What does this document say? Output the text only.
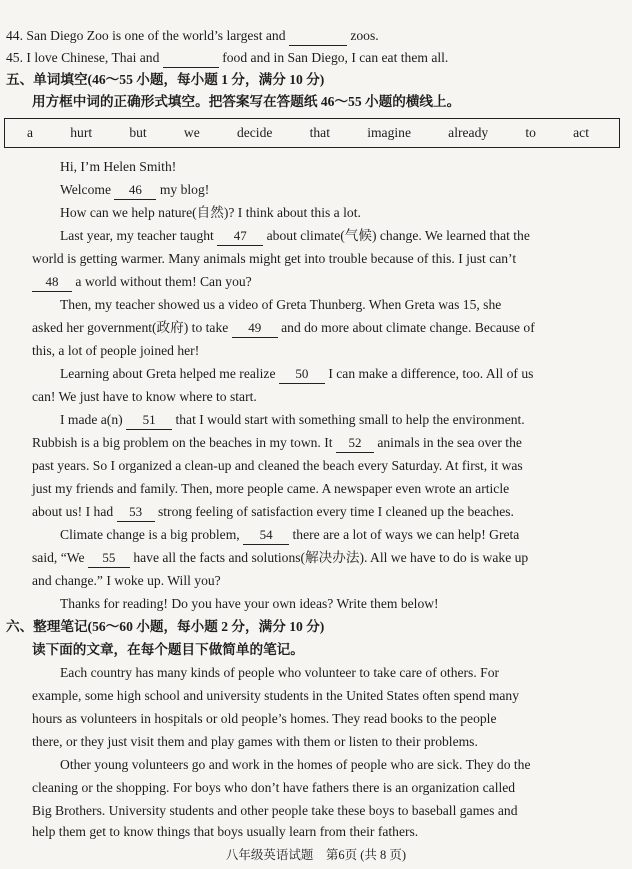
44. San Diego Zoo is one of the world’s largest and	zoos.
45. I love Chinese, Thai and	food and in San Diego, I can eat them all.
五、单词填空(46～55 小题，每小题 1 分，满分 10 分)
用方框中词的正确形式填空。把答案写在答题纸 46～55 小题的横线上。
a	hurt	but	we	decide	that	imagine	already	to	act
Hi, I’m Helen Smith!
Welcome 46 my blog!
How can we help nature(自然)? I think about this a lot.
Last year, my teacher taught 47 about climate(气候) change. We learned that the
world is getting warmer. Many animals might get into trouble because of this. I just can’t
48 a world without them! Can you?
Then, my teacher showed us a video of Greta Thunberg. When Greta was 15, she
asked her government(政府) to take 49 and do more about climate change. Because of
this, a lot of people joined her!
Learning about Greta helped me realize 50 I can make a difference, too. All of us
can! We just have to know where to start.
I made a(n) 51 that I would start with something small to help the environment.
Rubbish is a big problem on the beaches in my town. It 52 animals in the sea over the
past years. So I organized a clean-up and cleaned the beach every Saturday. At first, it was
just my friends and family. Then, more people came. A newspaper even wrote an article
about us! I had 53 strong feeling of satisfaction every time I cleaned up the beaches.
Climate change is a big problem, 54 there are a lot of ways we can help! Greta
said, “We 55 have all the facts and solutions(解决办法). All we have to do is wake up
and change.” I woke up. Will you?
Thanks for reading! Do you have your own ideas? Write them below!
六、整理笔记(56～60 小题，每小题 2 分，满分 10 分)
读下面的文章，在每个题目下做简单的笔记。
Each country has many kinds of people who volunteer to take care of others. For
example, some high school and university students in the United States often spend many
hours as volunteers in hospitals or old people’s homes. They read books to the people
there, or they just visit them and play games with them or listen to their problems.
Other young volunteers go and work in the homes of people who are sick. They do the
cleaning or the shopping. For boys who don’t have fathers there is an organization called
Big Brothers. University students and other people take these boys to baseball games and
help them get to know things that boys usually learn from their fathers.
八年级英语试题　第6页 (共 8 页)
